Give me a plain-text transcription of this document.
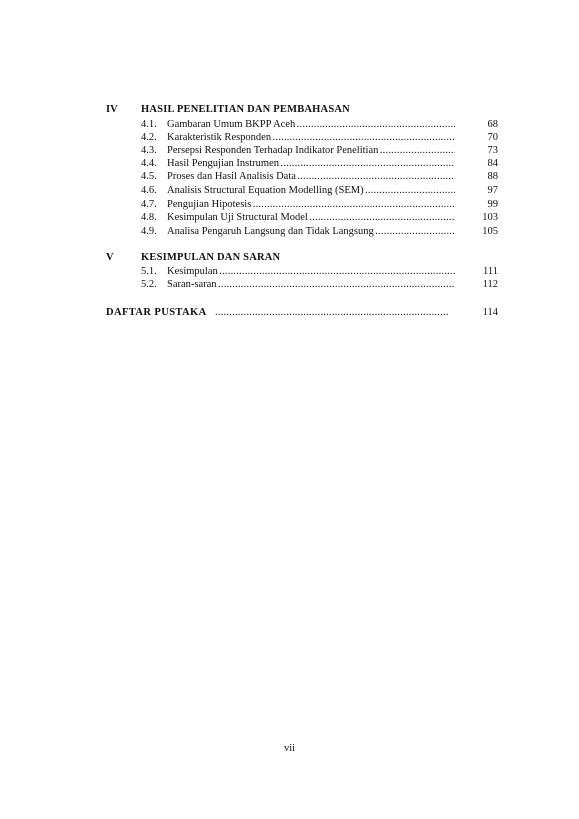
IV HASIL PENELITIAN DAN PEMBAHASAN
4.1. Gambaran Umum BKPP Aceh . . .	68
4.2. Karakteristik Responden . . .	70
4.3. Persepsi Responden Terhadap Indikator Penelitian . . .	73
4.4. Hasil Pengujian Instrumen . . .	84
4.5. Proses dan Hasil Analisis Data . . .	88
4.6. Analisis Structural Equation Modelling (SEM) . . .	97
4.7. Pengujian Hipotesis . . .	99
4.8. Kesimpulan Uji Structural Model . . .	103
4.9. Analisa Pengaruh Langsung dan Tidak Langsung . . .	105
V	KESIMPULAN DAN SARAN
5.1. Kesimpulan . . .	111
5.2. Saran-saran . . .	112
DAFTAR PUSTAKA . . .	114
vii
